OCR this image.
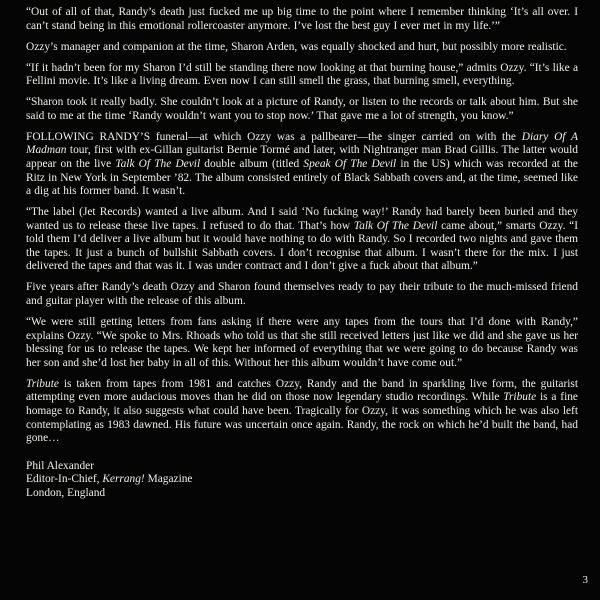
“Out of all of that, Randy’s death just fucked me up big time to the point where I remember thinking ‘It’s all over. I can’t stand being in this emotional rollercoaster anymore. I’ve lost the best guy I ever met in my life.’”

Ozzy’s manager and companion at the time, Sharon Arden, was equally shocked and hurt, but possibly more realistic.

“If it hadn’t been for my Sharon I’d still be standing there now looking at that burning house,” admits Ozzy. “It’s like a Fellini movie. It’s like a living dream. Even now I can still smell the grass, that burning smell, everything.

“Sharon took it really badly. She couldn’t look at a picture of Randy, or listen to the records or talk about him. But she said to me at the time ‘Randy wouldn’t want you to stop now.’ That gave me a lot of strength, you know.”

FOLLOWING RANDY’S funeral—at which Ozzy was a pallbearer—the singer carried on with the Diary Of A Madman tour, first with ex-Gillan guitarist Bernie Tormé and later, with Nightranger man Brad Gillis. The latter would appear on the live Talk Of The Devil double album (titled Speak Of The Devil in the US) which was recorded at the Ritz in New York in September ’82. The album consisted entirely of Black Sabbath covers and, at the time, seemed like a dig at his former band. It wasn’t.

“The label (Jet Records) wanted a live album. And I said ‘No fucking way!’ Randy had barely been buried and they wanted us to release these live tapes. I refused to do that. That’s how Talk Of The Devil came about,” smarts Ozzy. “I told them I’d deliver a live album but it would have nothing to do with Randy. So I recorded two nights and gave them the tapes. It just a bunch of bullshit Sabbath covers. I don’t recognise that album. I wasn’t there for the mix. I just delivered the tapes and that was it. I was under contract and I don’t give a fuck about that album.”

Five years after Randy’s death Ozzy and Sharon found themselves ready to pay their tribute to the much-missed friend and guitar player with the release of this album.

“We were still getting letters from fans asking if there were any tapes from the tours that I’d done with Randy,” explains Ozzy. “We spoke to Mrs. Rhoads who told us that she still received letters just like we did and she gave us her blessing for us to release the tapes. We kept her informed of everything that we were going to do because Randy was her son and she’d lost her baby in all of this. Without her this album wouldn’t have come out.”

Tribute is taken from tapes from 1981 and catches Ozzy, Randy and the band in sparkling live form, the guitarist attempting even more audacious moves than he did on those now legendary studio recordings. While Tribute is a fine homage to Randy, it also suggests what could have been. Tragically for Ozzy, it was something which he was also left contemplating as 1983 dawned. His future was uncertain once again. Randy, the rock on which he’d built the band, had gone…

Phil Alexander
Editor-In-Chief, Kerrang! Magazine
London, England
3
